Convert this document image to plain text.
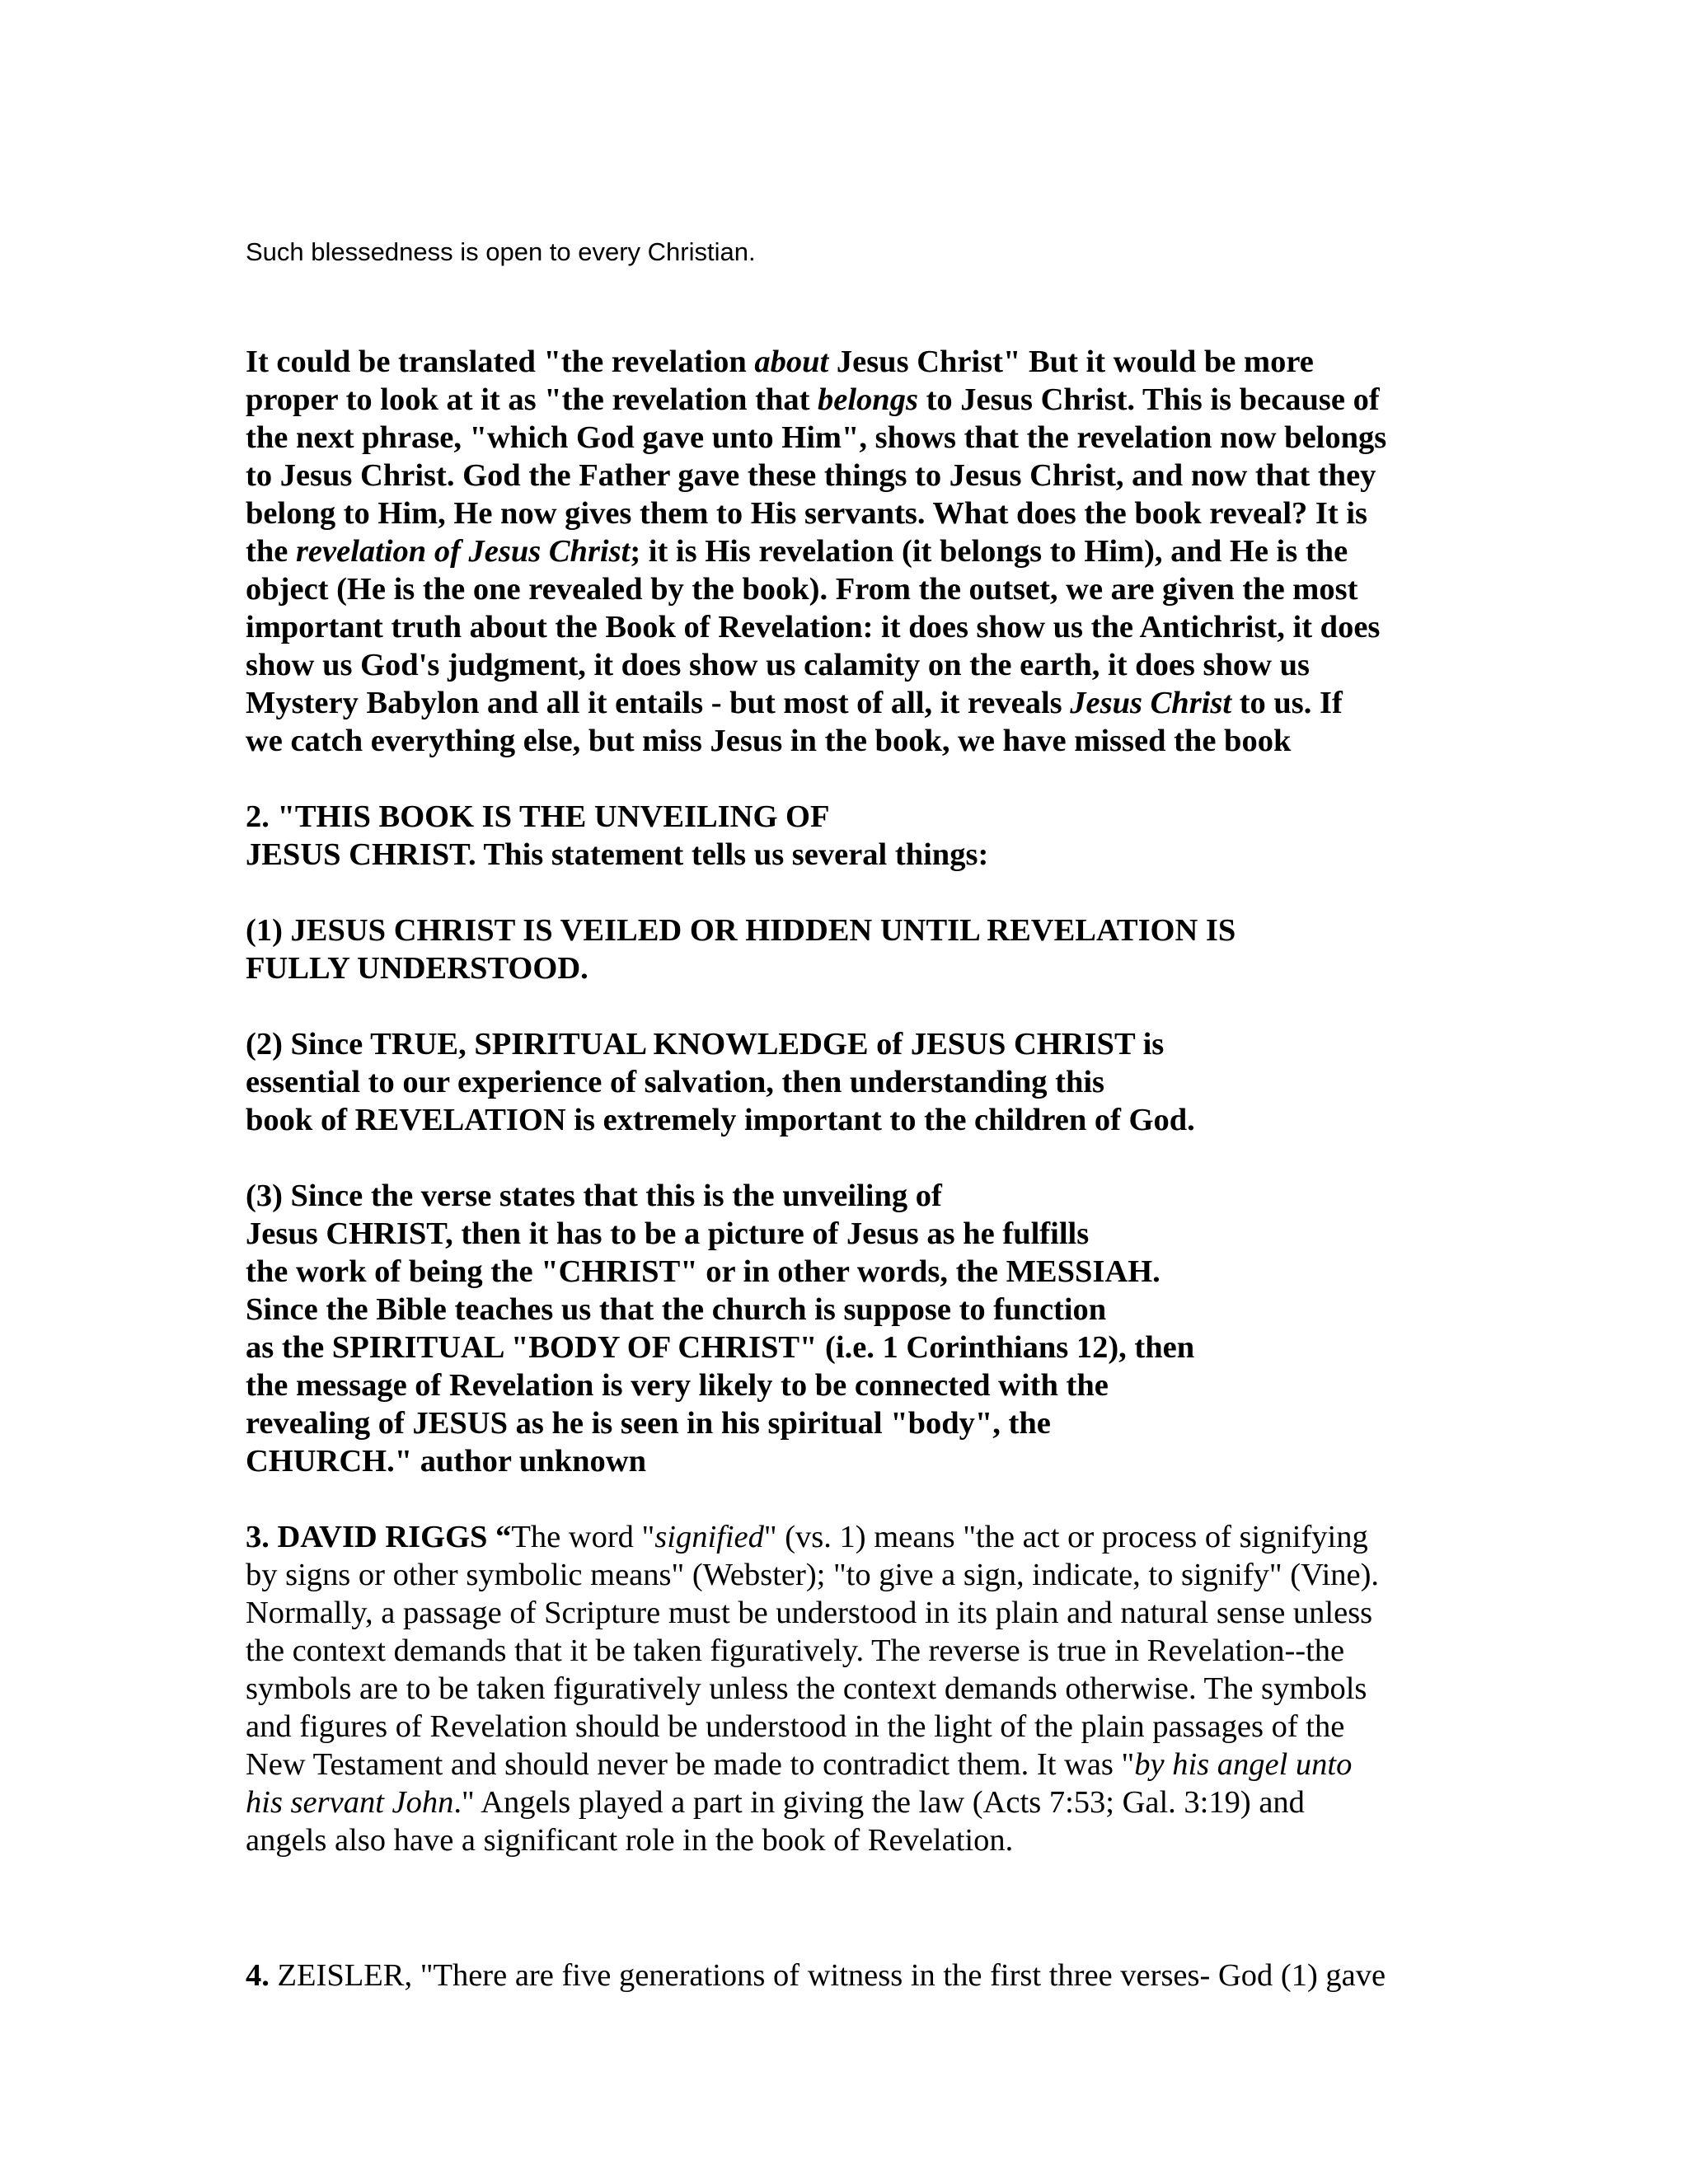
Such blessedness is open to every Christian.
It could be translated "the revelation about Jesus Christ" But it would be more
proper to look at it as "the revelation that belongs to Jesus Christ. This is because of
the next phrase, "which God gave unto Him", shows that the revelation now belongs
to Jesus Christ. God the Father gave these things to Jesus Christ, and now that they
belong to Him, He now gives them to His servants. What does the book reveal? It is
the revelation of Jesus Christ; it is His revelation (it belongs to Him), and He is the
object (He is the one revealed by the book). From the outset, we are given the most
important truth about the Book of Revelation: it does show us the Antichrist, it does
show us God's judgment, it does show us calamity on the earth, it does show us
Mystery Babylon and all it entails - but most of all, it reveals Jesus Christ to us. If
we catch everything else, but miss Jesus in the book, we have missed the book
2. "THIS BOOK IS THE UNVEILING OF
JESUS CHRIST. This statement tells us several things:
(1) JESUS CHRIST IS VEILED OR HIDDEN UNTIL REVELATION IS
FULLY UNDERSTOOD.
(2) Since TRUE, SPIRITUAL KNOWLEDGE of JESUS CHRIST is
essential to our experience of salvation, then understanding this
book of REVELATION is extremely important to the children of God.
(3) Since the verse states that this is the unveiling of
Jesus CHRIST, then it has to be a picture of Jesus as he fulfills
the work of being the "CHRIST" or in other words, the MESSIAH.
Since the Bible teaches us that the church is suppose to function
as the SPIRITUAL "BODY OF CHRIST" (i.e. 1 Corinthians 12), then
the message of Revelation is very likely to be connected with the
revealing of JESUS as he is seen in his spiritual "body", the
CHURCH." author unknown
3. DAVID RIGGS “The word "signified" (vs. 1) means "the act or process of signifying
by signs or other symbolic means" (Webster); "to give a sign, indicate, to signify" (Vine).
Normally, a passage of Scripture must be understood in its plain and natural sense unless
the context demands that it be taken figuratively. The reverse is true in Revelation--the
symbols are to be taken figuratively unless the context demands otherwise. The symbols
and figures of Revelation should be understood in the light of the plain passages of the
New Testament and should never be made to contradict them. It was "by his angel unto
his servant John." Angels played a part in giving the law (Acts 7:53; Gal. 3:19) and
angels also have a significant role in the book of Revelation.
4. ZEISLER, "There are five generations of witness in the first three verses- God (1) gave
